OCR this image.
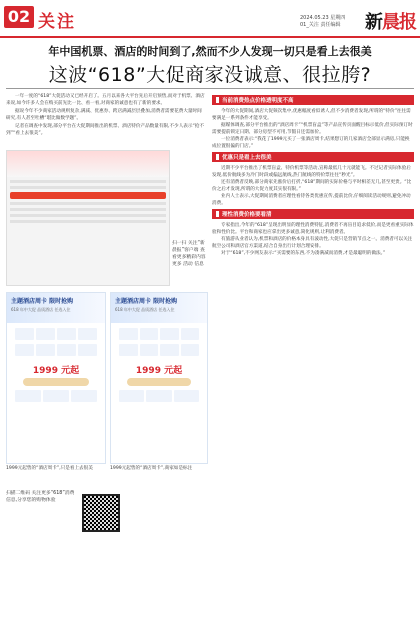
02 关注	2024.05.23 星期四
01_关注 责任编辑 新晨报
年中国机票、酒店的时间到了,然而不少人发现一切只是看上去很美
这波“618”大促商家没诚意、很拉胯?

一年一度的“618”大促活动又已经开启了。五月以来各大平台先后开启预售,而对于机票、酒店来说,如今许多人会在购买前先比一比、看一看,对商家的诚意也有了新的要求。

据说今年不少商家活动规则复杂,满减、优惠券、跨店满减层层叠加,消费者需要花费大量时间研究,有人甚至吐槽“堪比做数学题”。

记者在调查中发现,部分平台在大促期间推出的机票、酒店特价产品数量有限,不少人表示“抢不到”“看上去很美”。

扫一扫 关注“新晨报”客户端 查看更多精彩内容 更多 活动 信息
主题酒店周卡 限时抢购
618 年中大促 品质酒店 任选入住
1999 元起
主题酒店周卡 限时抢购
618 年中大促 品质酒店 任选入住
1999 元起
1999元起售的“酒店周卡”,只是看上去很美	1999元起售的“酒店周卡”,商家如是标注
扫描二维码 关注更多“618”消费信息,分享您的购物体验
当前消费热点价格透明度不高

今年的大促期间,酒店大促频次集中,优惠幅度看似诱人,但不少消费者发现,所谓的“特价”往往需要满足一系列条件才能享受。

据媒体调查,部分平台推出的“酒店周卡”“机票盲盒”等产品宣传页面醒目标示低价,但实际预订时需要提前锁定日期、部分房型不可用,节假日还需加价。

一位消费者表示:“我花了1999元买了一张酒店周卡,结果想订的几家酒店全部显示满房,只能换成位置很偏的门店。”

优惠只是看上去很美

近期不少平台推出了机票盲盒、特价机票等活动,宣称最低几十元就能飞。不过记者实际体验后发现,低价航线多为冷门时段或偏远航线,热门航线的特价票往往“秒光”。

还有消费者反映,部分商家先涨价后打折,“618”期间的实际价格与平时相差无几,甚至更贵。“比价之后才发现,所谓的大促力度其实很有限。”

业内人士表示,大促期间消费者应理性看待各类优惠宣传,提前比价,仔细阅读活动规则,避免冲动消费。

理性消费价格要看清

专家指出,今年的“618”呈现出明显的理性消费特征,消费者不再盲目追求低价,而是更看重实际体验和性价比。平台和商家也应拿出更多诚意,简化规则,让利消费者。

有旅游从业者认为,机票和酒店的价格本身具有波动性,大促只是营销节点之一。消费者可以关注航空公司和酒店官方渠道,结合自身出行计划合理安排。

对于“618”,不少网友表示:“买需要的东西,不为凑满减而消费,才是最聪明的做法。”
